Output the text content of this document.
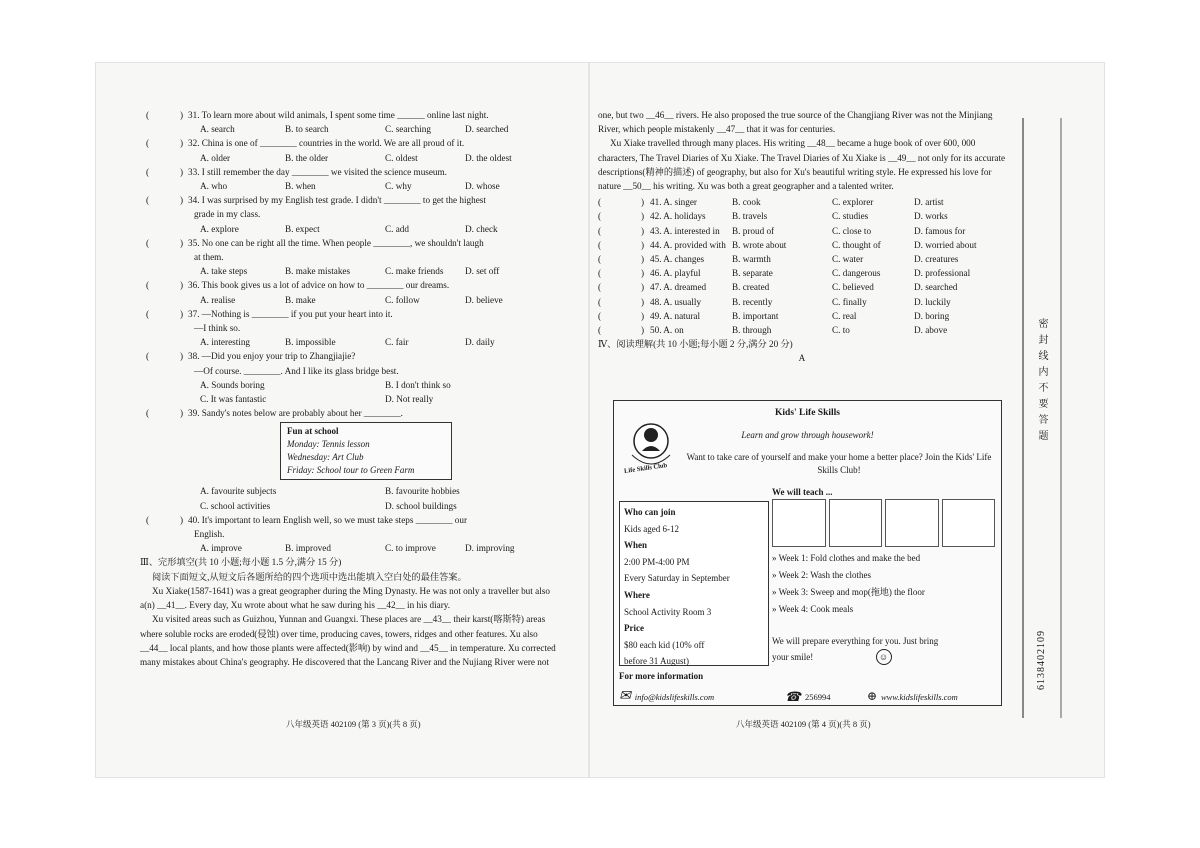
( )
31. To learn more about wild animals, I spent some time ______ online last night.
A. search	B. to search	C. searching	D. searched
( )
32. China is one of ________ countries in the world. We are all proud of it.
A. older	B. the older	C. oldest	D. the oldest
( )
33. I still remember the day ________ we visited the science museum.
A. who	B. when	C. why	D. whose
( )
34. I was surprised by my English test grade. I didn't ________ to get the highest
grade in my class.
A. explore	B. expect	C. add	D. check
( )
35. No one can be right all the time. When people ________, we shouldn't laugh
at them.
A. take steps	B. make mistakes	C. make friends	D. set off
( )
36. This book gives us a lot of advice on how to ________ our dreams.
A. realise	B. make	C. follow	D. believe
( )
37. —Nothing is ________ if you put your heart into it.
—I think so.
A. interesting	B. impossible	C. fair	D. daily
( )
38. —Did you enjoy your trip to Zhangjiajie?
—Of course. ________. And I like its glass bridge best.
A. Sounds boring	B. I don't think so
C. It was fantastic	D. Not really
( )
39. Sandy's notes below are probably about her ________.
Fun at school
Monday: Tennis lesson
Wednesday: Art Club
Friday: School tour to Green Farm
A. favourite subjects	B. favourite hobbies
C. school activities	D. school buildings
( )
40. It's important to learn English well, so we must take steps ________ our
English.
A. improve	B. improved	C. to improve	D. improving

Ⅲ、完形填空(共 10 小题;每小题 1.5 分,满分 15 分)

阅读下面短文,从短文后各题所给的四个选项中选出能填入空白处的最佳答案。

Xu Xiake(1587-1641) was a great geographer during the Ming Dynasty. He was not only a traveller but also a(n) __41__. Every day, Xu wrote about what he saw during his __42__ in his diary.

Xu visited areas such as Guizhou, Yunnan and Guangxi. These places are __43__ their karst(喀斯特) areas where soluble rocks are eroded(侵蚀) over time, producing caves, towers, ridges and other features. Xu also __44__ local plants, and how those plants were affected(影响) by wind and __45__ in temperature. Xu corrected many mistakes about China's geography. He discovered that the Lancang River and the Nujiang River were not

八年级英语 402109 (第 3 页)(共 8 页)

one, but two __46__ rivers. He also proposed the true source of the Changjiang River was not the Minjiang River, which people mistakenly __47__ that it was for centuries.

Xu Xiake travelled through many places. His writing __48__ became a huge book of over 600, 000 characters, The Travel Diaries of Xu Xiake. The Travel Diaries of Xu Xiake is __49__ not only for its accurate descriptions(精神的描述) of geography, but also for Xu's beautiful writing style. He expressed his love for nature __50__ his writing. Xu was both a great geographer and a talented writer.

( )
41. A. singer	B. cook	C. explorer	D. artist
( )
42. A. holidays	B. travels	C. studies	D. works
( )
43. A. interested in	B. proud of	C. close to	D. famous for
( )
44. A. provided with B. wrote about	C. thought of	D. worried about
( )
45. A. changes	B. warmth	C. water	D. creatures
( )
46. A. playful	B. separate	C. dangerous	D. professional
( )
47. A. dreamed	B. created	C. believed	D. searched
( )
48. A. usually	B. recently	C. finally	D. luckily
( )
49. A. natural	B. important	C. real	D. boring
( )
50. A. on	B. through	C. to	D. above

Ⅳ、阅读理解(共 10 小题;每小题 2 分,满分 20 分)

A

Life Skills Club
Kids' Life Skills
Learn and grow through housework!
Want to take care of yourself and make your home a better place? Join the Kids' Life Skills Club!
Who can join
Kids aged 6-12
When
2:00 PM-4:00 PM
Every Saturday in September
Where
School Activity Room 3
Price
$80 each kid (10% off
before 31 August)
We will teach ...
» Week 1: Fold clothes and make the bed
» Week 2: Wash the clothes
» Week 3: Sweep and mop(拖地) the floor
» Week 4: Cook meals
We will prepare everything for you. Just bring
your smile!	☺
For more information
✉ info@kidslifeskills.com	☎ 256994	⊕ www.kidslifeskills.com
八年级英语 402109 (第 4 页)(共 8 页)
密封线内不要答题
6138402109
